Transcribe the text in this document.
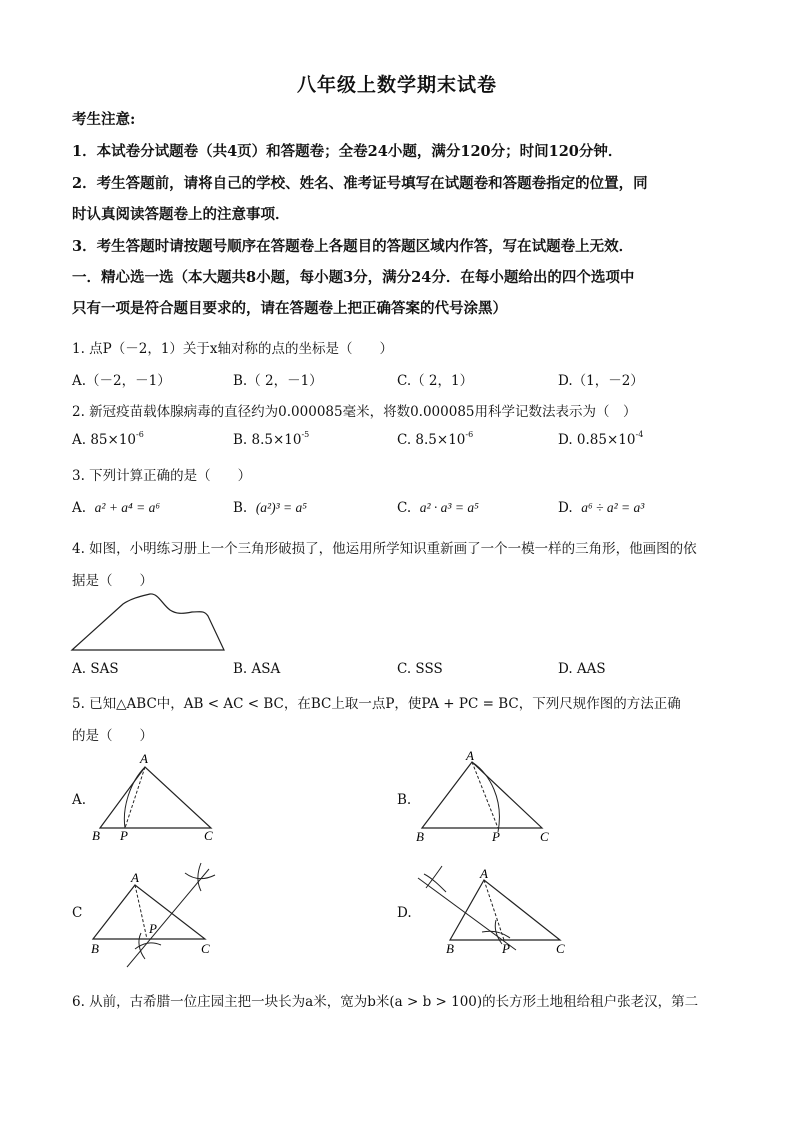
八年级上数学期末试卷
考生注意:
1．本试卷分试题卷（共4页）和答题卷；全卷24小题，满分120分；时间120分钟．
2．考生答题前，请将自己的学校、姓名、准考证号填写在试题卷和答题卷指定的位置，同
时认真阅读答题卷上的注意事项．
3．考生答题时请按题号顺序在答题卷上各题目的答题区域内作答，写在试题卷上无效．
一．精心选一选（本大题共8小题，每小题3分，满分24分．在每小题给出的四个选项中
只有一项是符合题目要求的，请在答题卷上把正确答案的代号涂黑）
1. 点P（－2，1）关于x轴对称的点的坐标是（　　）
A.（－2，－1）	B.（ 2，－1）	C.（ 2，1）	D.（1，－2）
2. 新冠疫苗载体腺病毒的直径约为0.000085毫米，将数0.000085用科学记数法表示为（　）
A. $85\times 10^{-6}$	B. $8.5\times 10^{-5}$	C. $8.5\times 10^{-6}$	D. $0.85\times 10^{-4}$
3. 下列计算正确的是（　　）
A. a² + a⁴ = a⁶	B. (a²)³ = a⁵	C. a² · a³ = a⁵	D. a⁶ ÷ a² = a³
4. 如图，小明练习册上一个三角形破损了，他运用所学知识重新画了一个一模一样的三角形，他画图的依
据是（　　）
A. SAS	B. ASA	C. SSS	D. AAS
5. 已知△ABC中，AB < AC < BC，在BC上取一点P，使PA + PC = BC，下列尺规作图的方法正确
的是（　　）
A.
A
B P	C
B.
A
B	P	C
C
A
B
P
C
D.
A
B	P	C
6. 从前，古希腊一位庄园主把一块长为a米，宽为b米(a > b > 100)的长方形土地租给租户张老汉，第二
